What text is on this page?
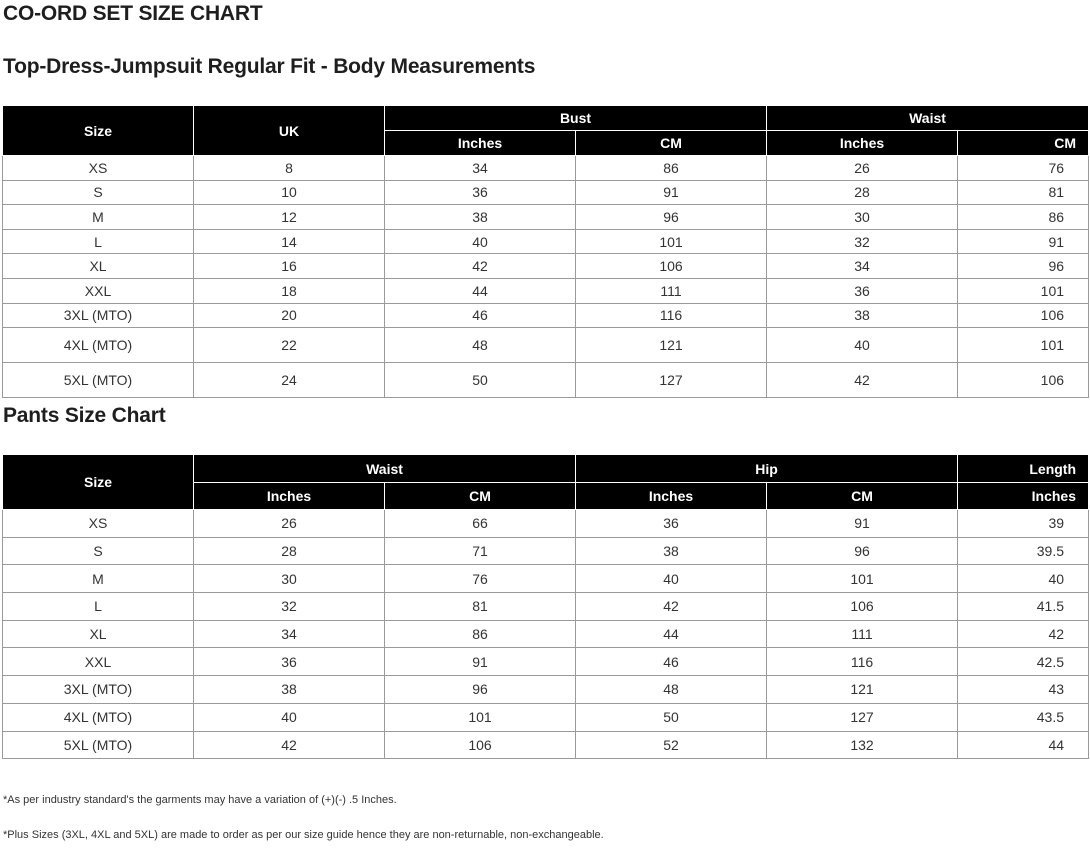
CO-ORD SET SIZE CHART
Top-Dress-Jumpsuit Regular Fit - Body Measurements
Size	UK	Bust		Waist	
		Inches	CM	Inches	CM
XS	8	34	86	26	76
S	10	36	91	28	81
M	12	38	96	30	86
L	14	40	101	32	91
XL	16	42	106	34	96
XXL	18	44	111	36	101
3XL (MTO)	20	46	116	38	106
4XL (MTO)	22	48	121	40	101
5XL (MTO)	24	50	127	42	106
Pants Size Chart
Size	Waist		Hip		Length
	Inches	CM	Inches	CM	Inches
XS	26	66	36	91	39
S	28	71	38	96	39.5
M	30	76	40	101	40
L	32	81	42	106	41.5
XL	34	86	44	111	42
XXL	36	91	46	116	42.5
3XL (MTO)	38	96	48	121	43
4XL (MTO)	40	101	50	127	43.5
5XL (MTO)	42	106	52	132	44
*As per industry standard's the garments may have a variation of (+)(-) .5 Inches.
*Plus Sizes (3XL, 4XL and 5XL) are made to order as per our size guide hence they are non-returnable, non-exchangeable.
